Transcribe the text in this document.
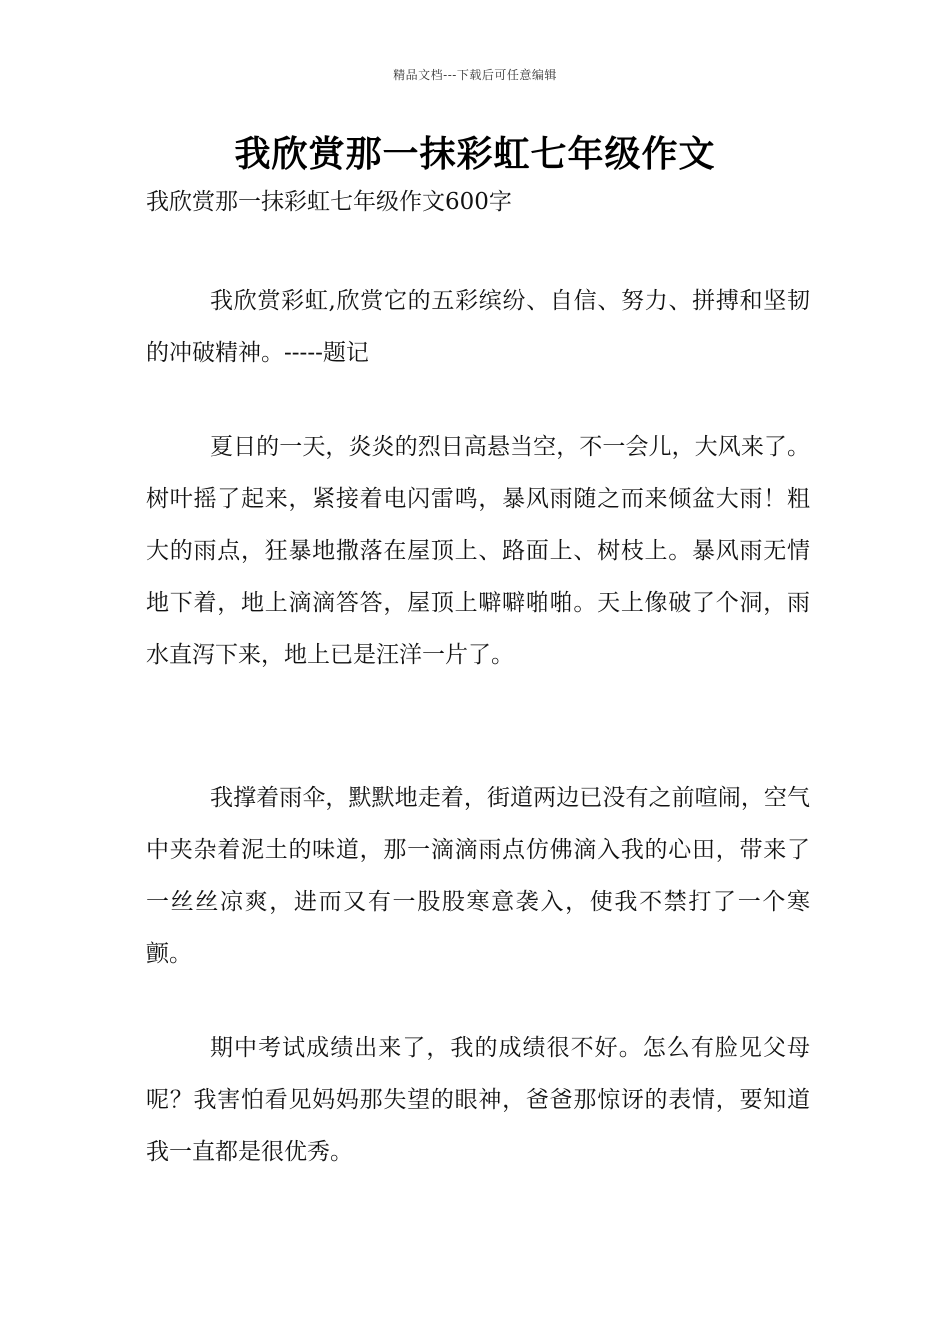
精品文档---下载后可任意编辑
我欣赏那一抹彩虹七年级作文
我欣赏那一抹彩虹七年级作文600字

我欣赏彩虹,欣赏它的五彩缤纷、自信、努力、拼搏和坚韧的冲破精神。-----题记

夏日的一天，炎炎的烈日高悬当空，不一会儿，大风来了。树叶摇了起来，紧接着电闪雷鸣，暴风雨随之而来倾盆大雨！粗大的雨点，狂暴地撒落在屋顶上、路面上、树枝上。暴风雨无情地下着，地上滴滴答答，屋顶上噼噼啪啪。天上像破了个洞，雨水直泻下来，地上已是汪洋一片了。

我撑着雨伞，默默地走着，街道两边已没有之前喧闹，空气中夹杂着泥土的味道，那一滴滴雨点仿佛滴入我的心田，带来了一丝丝凉爽，进而又有一股股寒意袭入，使我不禁打了一个寒颤。

期中考试成绩出来了，我的成绩很不好。怎么有脸见父母呢？我害怕看见妈妈那失望的眼神，爸爸那惊讶的表情，要知道我一直都是很优秀。
